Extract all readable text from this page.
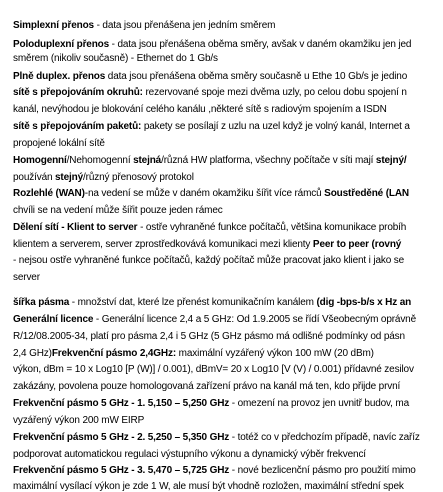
Simplexní přenos - data jsou přenášena jen jedním směrem
Poloduplexní přenos - data jsou přenášena oběma směry, avšak v daném okamžiku jen jed
směrem (nikoliv současně) - Ethernet do 1 Gb/s
Plně duplex. přenos data jsou přenášena oběma směry současně u Ethe 10 Gb/s je jedino
sítě s přepojováním okruhů: rezervované spoje mezi dvěma uzly, po celou dobu spojení n
kanál, nevýhodou je blokování celého kanálu ,některé sítě s radiovým spojením a ISDN
sítě s přepojováním paketů: pakety se posílají z uzlu na uzel když je volný kanál, Internet a
propojené lokální sítě
Homogenní/Nehomogenní stejná/různá HW platforma, všechny počítače v síti mají stejný/
používán stejný/různý přenosový protokol
Rozlehlé (WAN)-na vedení se může v daném okamžiku šířit více rámců Soustředěné (LAN
chvíli se na vedení může šířit pouze jeden rámec
Dělení sítí - Klient to server - ostře vyhraněné funkce počítačů, většina komunikace probíh
klientem a serverem, server zprostředkovává komunikaci mezi klienty Peer to peer (rovný
- nejsou ostře vyhraněné funkce počítačů, každý počítač může pracovat jako klient i jako se
server
šířka pásma - množství dat, které lze přenést komunikačním kanálem (dig -bps-b/s x Hz an
Generální licence - Generální licence 2,4 a 5 GHz: Od 1.9.2005 se řídí Všeobecným oprávně
R/12/08.2005-34, platí pro pásma 2,4 i 5 GHz (5 GHz pásmo má odlišné podmínky od pásn
2,4 GHz)Frekvenční pásmo 2,4GHz: maximální vyzářený výkon 100 mW (20 dBm)
výkon, dBm = 10 x Log10 [P (W)] / 0.001), dBmV= 20 x Log10 [V (V) / 0.001) přídavné zesilov
zakázány, povolena pouze homologovaná zařízení právo na kanál má ten, kdo přijde první
Frekvenční pásmo 5 GHz - 1. 5,150 – 5,250 GHz - omezení na provoz jen uvnitř budov, ma
vyzářený výkon 200 mW EIRP
Frekvenční pásmo 5 GHz - 2. 5,250 – 5,350 GHz - totéž co v předchozím případě, navíc zaříz
podporovat automatickou regulaci výstupního výkonu a dynamický výběr frekvencí
Frekvenční pásmo 5 GHz - 3. 5,470 – 5,725 GHz - nové bezlicenční pásmo pro použití mimo
maximální vysílací výkon je zde 1 W, ale musí být vhodně rozložen, maximální střední spek
